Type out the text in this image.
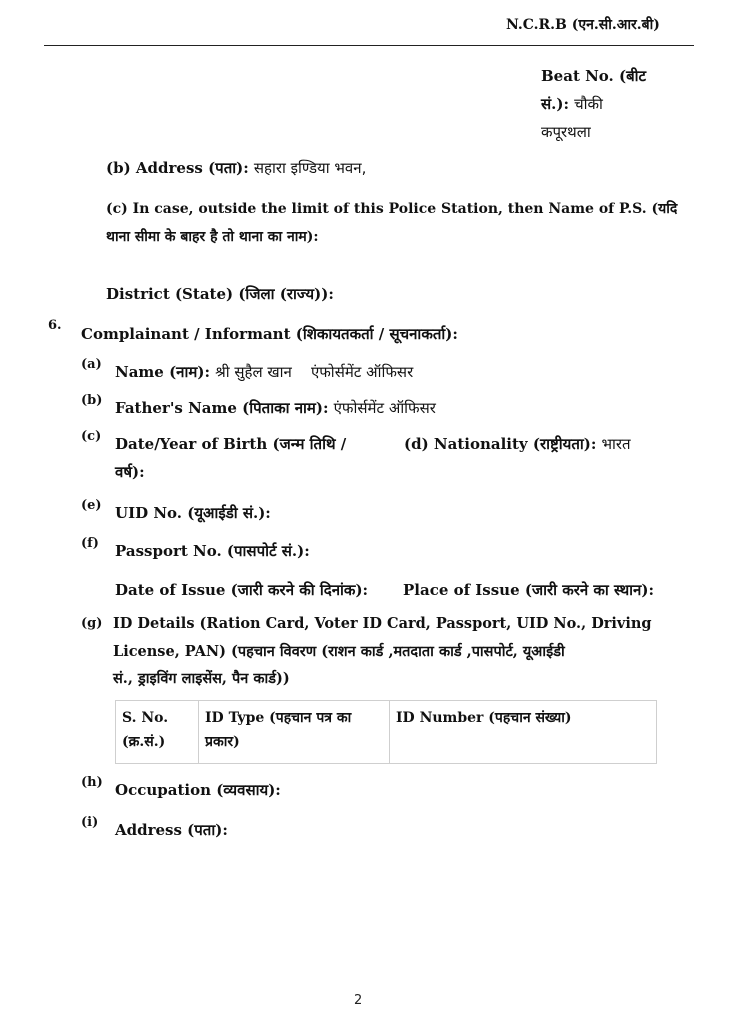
N.C.R.B (एन.सी.आर.बी)
Beat No. (बीट
सं.): चौकी
कपूरथला
(b) Address (पता): सहारा इण्डिया भवन,
(c) In case, outside the limit of this Police Station, then Name of P.S. (यदि
थाना सीमा के बाहर है तो थाना का नाम):
District (State) (जिला (राज्य)):
6. Complainant / Informant (शिकायतकर्ता / सूचनाकर्ता):
(a) Name (नाम): श्री सुहैल खान    एंफोर्समेंट ऑफिसर
(b) Father's Name (पिताका नाम): एंफोर्समेंट ऑफिसर
(c) Date/Year of Birth (जन्म तिथि /
वर्ष):
(d) Nationality (राष्ट्रीयता): भारत
(e) UID No. (यूआईडी सं.):
(f) Passport No. (पासपोर्ट सं.):
Date of Issue (जारी करने की दिनांक): Place of Issue (जारी करने का स्थान):
(g) ID Details (Ration Card, Voter ID Card, Passport, UID No., Driving
License, PAN) (पहचान विवरण (राशन कार्ड ,मतदाता कार्ड ,पासपोर्ट, यूआईडी
सं., ड्राइविंग लाइसेंस, पैन कार्ड))
S. No. (क्र.सं.)	ID Type (पहचान पत्र का प्रकार)	ID Number (पहचान संख्या)
(h) Occupation (व्यवसाय):
(i) Address (पता):
2
